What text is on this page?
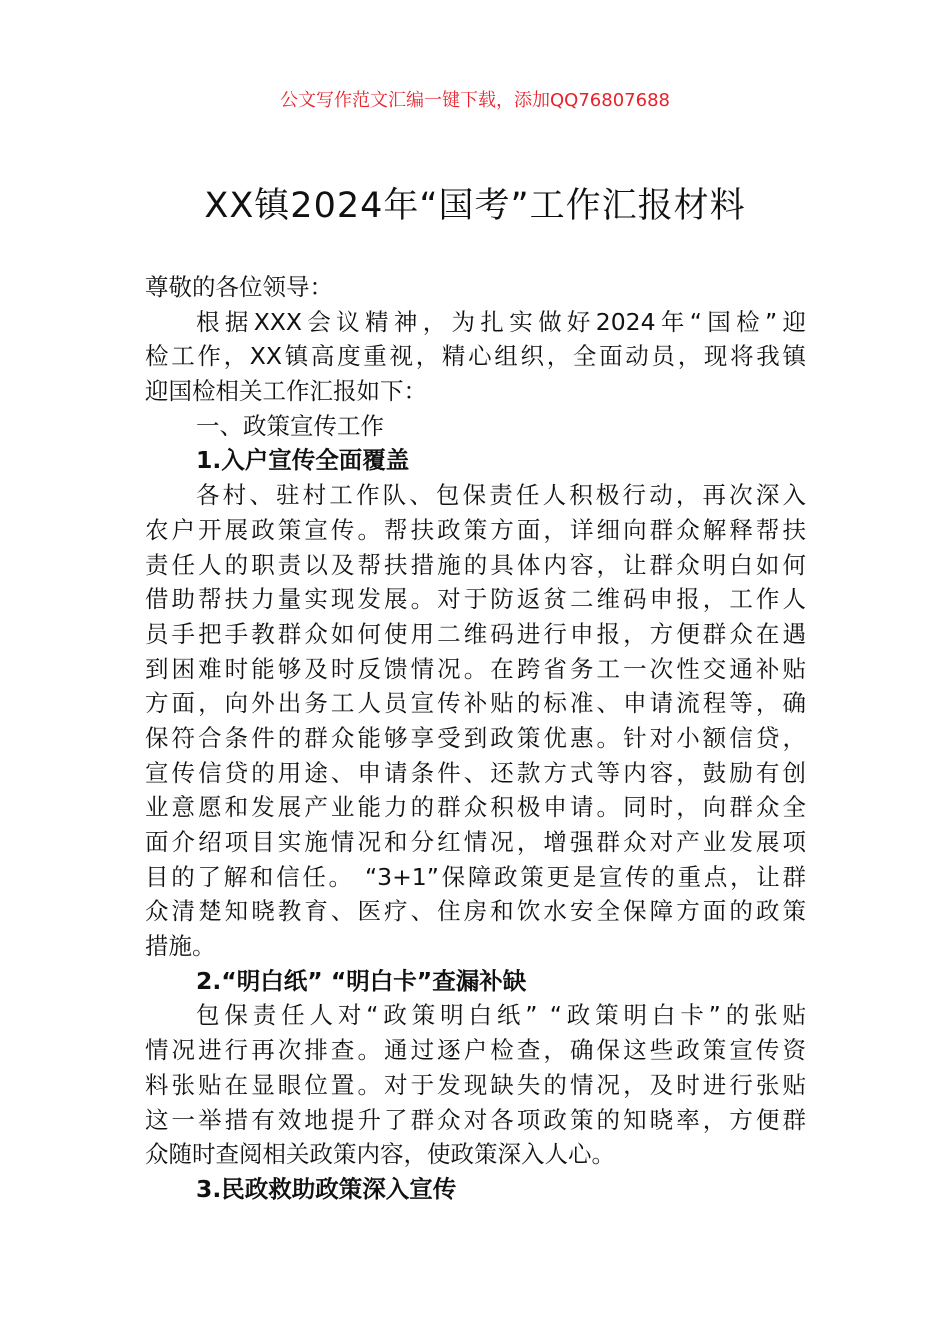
公文写作范文汇编一键下载，添加QQ76807688
XX镇2024年“国考”工作汇报材料
尊敬的各位领导：
根据XXX会议精神，为扎实做好2024年“国检”迎
检工作，XX镇高度重视，精心组织，全面动员，现将我镇
迎国检相关工作汇报如下：
一、政策宣传工作
1.入户宣传全面覆盖
各村、驻村工作队、包保责任人积极行动，再次深入
农户开展政策宣传。帮扶政策方面，详细向群众解释帮扶
责任人的职责以及帮扶措施的具体内容，让群众明白如何
借助帮扶力量实现发展。对于防返贫二维码申报，工作人
员手把手教群众如何使用二维码进行申报，方便群众在遇
到困难时能够及时反馈情况。在跨省务工一次性交通补贴
方面，向外出务工人员宣传补贴的标准、申请流程等，确
保符合条件的群众能够享受到政策优惠。针对小额信贷，
宣传信贷的用途、申请条件、还款方式等内容，鼓励有创
业意愿和发展产业能力的群众积极申请。同时，向群众全
面介绍项目实施情况和分红情况，增强群众对产业发展项
目的了解和信任。 “3+1”保障政策更是宣传的重点，让群
众清楚知晓教育、医疗、住房和饮水安全保障方面的政策
措施。
2.“明白纸” “明白卡”查漏补缺
包保责任人对“政策明白纸” “政策明白卡”的张贴
情况进行再次排查。通过逐户检查，确保这些政策宣传资
料张贴在显眼位置。对于发现缺失的情况，及时进行张贴
这一举措有效地提升了群众对各项政策的知晓率，方便群
众随时查阅相关政策内容，使政策深入人心。
3.民政救助政策深入宣传
